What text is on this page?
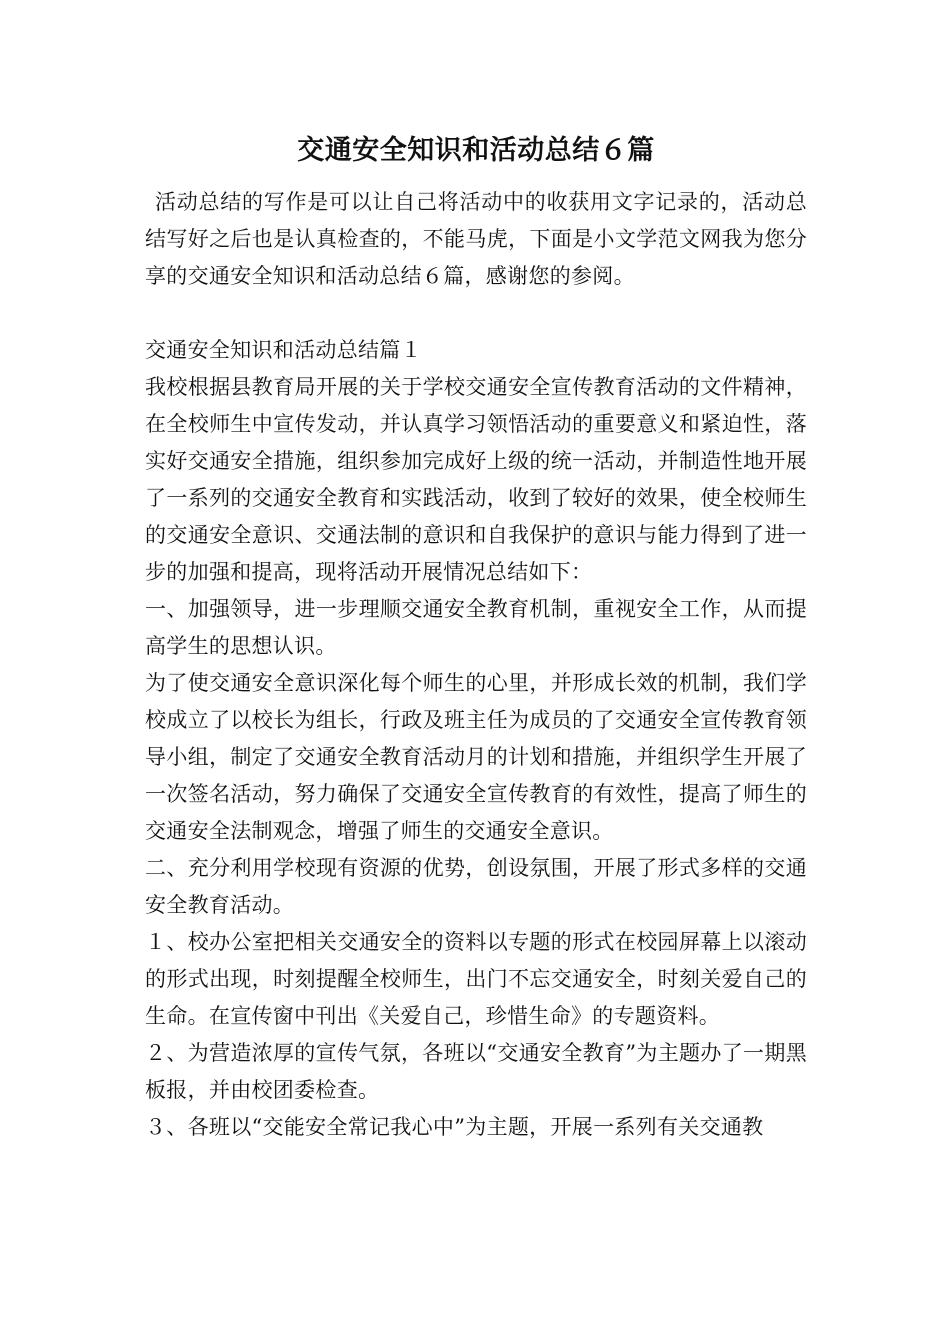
交通安全知识和活动总结６篇

活动总结的写作是可以让自己将活动中的收获用文字记录的，活动总结写好之后也是认真检查的，不能马虎，下面是小文学范文网我为您分享的交通安全知识和活动总结６篇，感谢您的参阅。

交通安全知识和活动总结篇１

我校根据县教育局开展的关于学校交通安全宣传教育活动的文件精神，在全校师生中宣传发动，并认真学习领悟活动的重要意义和紧迫性，落实好交通安全措施，组织参加完成好上级的统一活动，并制造性地开展了一系列的交通安全教育和实践活动，收到了较好的效果，使全校师生的交通安全意识、交通法制的意识和自我保护的意识与能力得到了进一步的加强和提高，现将活动开展情况总结如下：

一、加强领导，进一步理顺交通安全教育机制，重视安全工作，从而提高学生的思想认识。

为了使交通安全意识深化每个师生的心里，并形成长效的机制，我们学校成立了以校长为组长，行政及班主任为成员的了交通安全宣传教育领导小组，制定了交通安全教育活动月的计划和措施，并组织学生开展了一次签名活动，努力确保了交通安全宣传教育的有效性，提高了师生的交通安全法制观念，增强了师生的交通安全意识。

二、充分利用学校现有资源的优势，创设氛围，开展了形式多样的交通安全教育活动。

１、校办公室把相关交通安全的资料以专题的形式在校园屏幕上以滚动的形式出现，时刻提醒全校师生，出门不忘交通安全，时刻关爱自己的生命。在宣传窗中刊出《关爱自己，珍惜生命》的专题资料。

２、为营造浓厚的宣传气氛，各班以“交通安全教育”为主题办了一期黑板报，并由校团委检查。

３、各班以“交能安全常记我心中”为主题，开展一系列有关交通教
